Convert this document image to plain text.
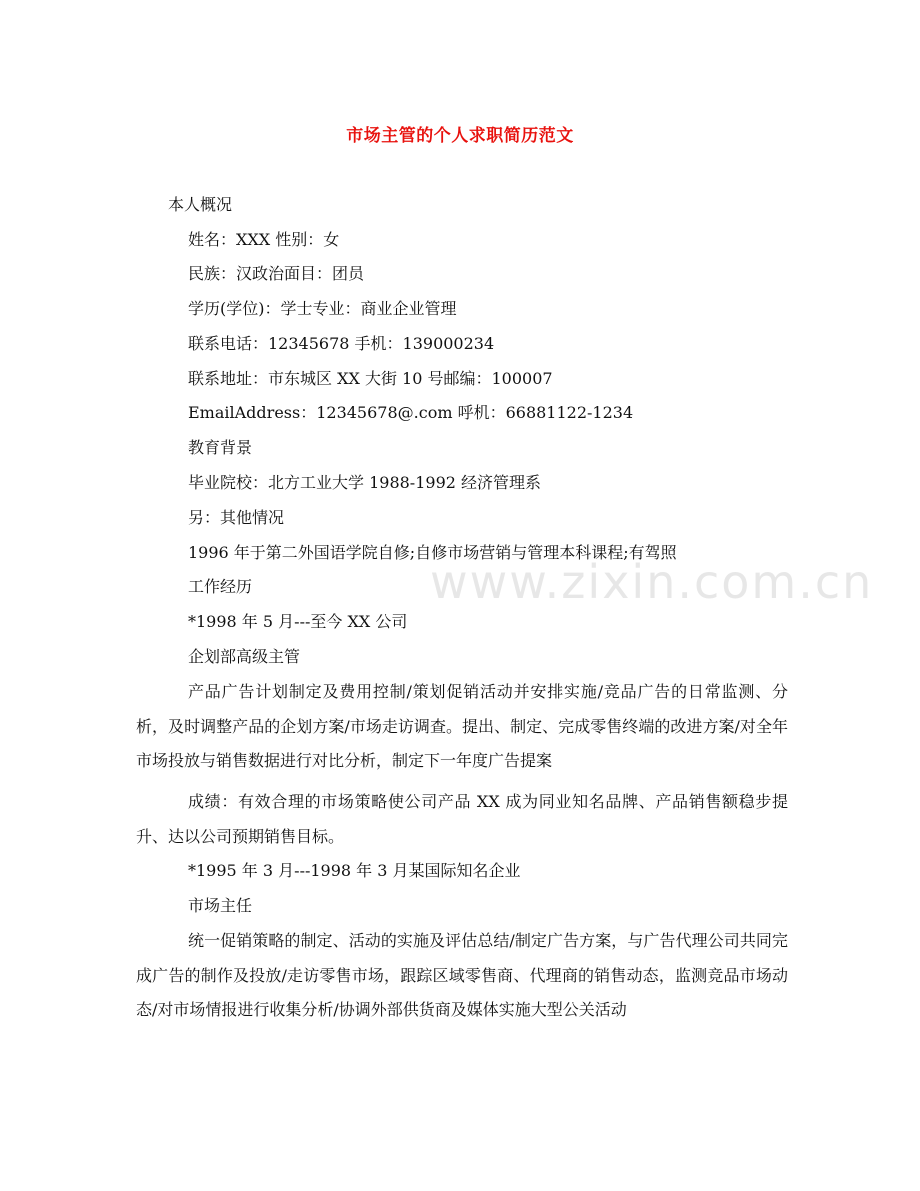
市场主管的个人求职简历范文
本人概况
姓名：XXX 性别：女
民族：汉政治面目：团员
学历(学位)：学士专业：商业企业管理
联系电话：12345678 手机：139000234
联系地址：市东城区 XX 大街 10 号邮编：100007
EmailAddress：12345678@.com 呼机：66881122-1234
教育背景
毕业院校：北方工业大学 1988-1992 经济管理系
另：其他情况
1996 年于第二外国语学院自修;自修市场营销与管理本科课程;有驾照
工作经历
*1998 年 5 月---至今 XX 公司
企划部高级主管
产品广告计划制定及费用控制/策划促销活动并安排实施/竞品广告的日常监测、分析，及时调整产品的企划方案/市场走访调查。提出、制定、完成零售终端的改进方案/对全年市场投放与销售数据进行对比分析，制定下一年度广告提案
成绩：有效合理的市场策略使公司产品 XX 成为同业知名品牌、产品销售额稳步提升、达以公司预期销售目标。
*1995 年 3 月---1998 年 3 月某国际知名企业
市场主任
统一促销策略的制定、活动的实施及评估总结/制定广告方案，与广告代理公司共同完成广告的制作及投放/走访零售市场，跟踪区域零售商、代理商的销售动态，监测竞品市场动态/对市场情报进行收集分析/协调外部供货商及媒体实施大型公关活动
www.zixin.com.cn
